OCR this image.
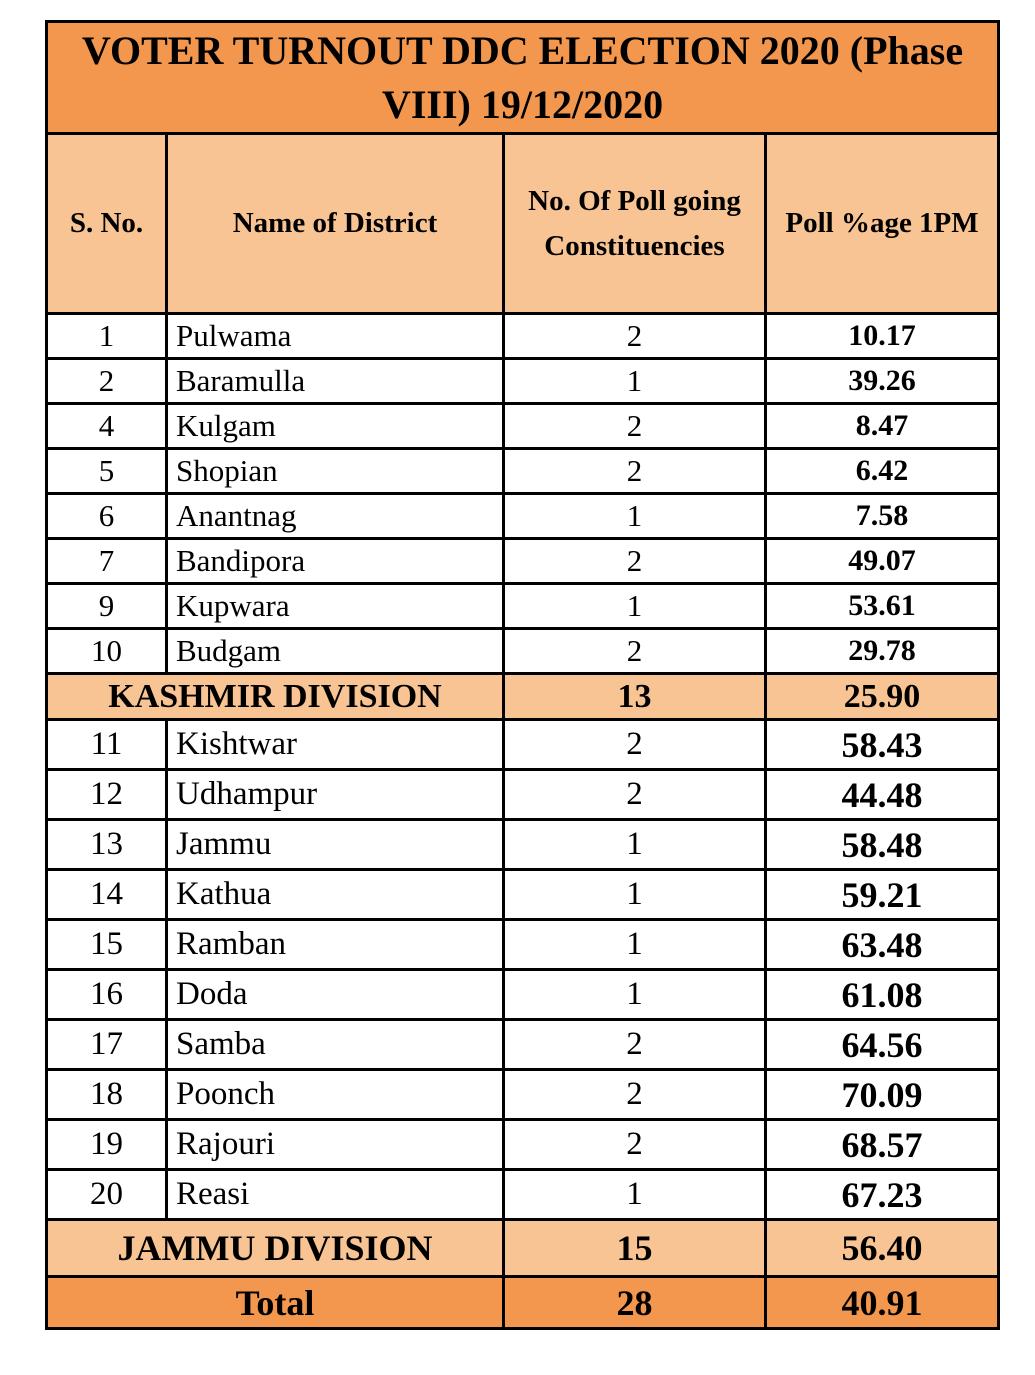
VOTER TURNOUT DDC ELECTION 2020 (Phase VIII) 19/12/2020			
S. No.	Name of District	No. Of Poll going Constituencies	Poll %age 1PM
1	Pulwama	2	10.17
2	Baramulla	1	39.26
4	Kulgam	2	8.47
5	Shopian	2	6.42
6	Anantnag	1	7.58
7	Bandipora	2	49.07
9	Kupwara	1	53.61
10	Budgam	2	29.78
KASHMIR DIVISION		13	25.90
11	Kishtwar	2	58.43
12	Udhampur	2	44.48
13	Jammu	1	58.48
14	Kathua	1	59.21
15	Ramban	1	63.48
16	Doda	1	61.08
17	Samba	2	64.56
18	Poonch	2	70.09
19	Rajouri	2	68.57
20	Reasi	1	67.23
JAMMU DIVISION		15	56.40
Total		28	40.91
